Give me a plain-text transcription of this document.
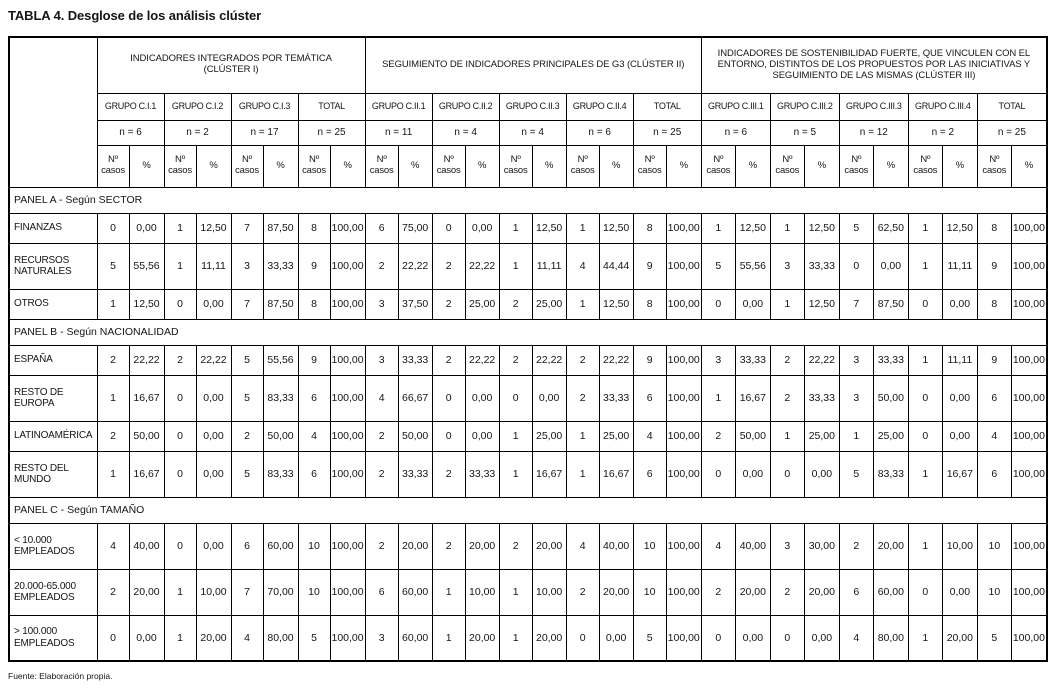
TABLA 4. Desglose de los análisis clúster
	INDICADORES INTEGRADOS POR TEMÁTICA (CLÚSTER I)								SEGUIMIENTO DE INDICADORES PRINCIPALES DE G3 (CLÚSTER II)										INDICADORES DE SOSTENIBILIDAD FUERTE, QUE VINCULEN CON EL ENTORNO, DISTINTOS DE LOS PROPUESTOS POR LAS INICIATIVAS Y SEGUIMIENTO DE LAS MISMAS (CLÚSTER III)									
	GRUPO C.I.1		GRUPO C.I.2		GRUPO C.I.3		TOTAL		GRUPO C.II.1		GRUPO C.II.2		GRUPO C.II.3		GRUPO C.II.4		TOTAL		GRUPO C.III.1		GRUPO C.III.2		GRUPO C.III.3		GRUPO C.III.4		TOTAL	
	n = 6		n = 2		n = 17		n = 25		n = 11		n = 4		n = 4		n = 6		n = 25		n = 6		n = 5		n = 12		n = 2		n = 25	
	Nº casos	%	Nº casos	%	Nº casos	%	Nº casos	%	Nº casos	%	Nº casos	%	Nº casos	%	Nº casos	%	Nº casos	%	Nº casos	%	Nº casos	%	Nº casos	%	Nº casos	%	Nº casos	%
PANEL A - Según SECTOR																												
FINANZAS	0	0,00	1	12,50	7	87,50	8	100,00	6	75,00	0	0,00	1	12,50	1	12,50	8	100,00	1	12,50	1	12,50	5	62,50	1	12,50	8	100,00
RECURSOS NATURALES	5	55,56	1	11,11	3	33,33	9	100,00	2	22,22	2	22,22	1	11,11	4	44,44	9	100,00	5	55,56	3	33,33	0	0,00	1	11,11	9	100,00
OTROS	1	12,50	0	0,00	7	87,50	8	100,00	3	37,50	2	25,00	2	25,00	1	12,50	8	100,00	0	0,00	1	12,50	7	87,50	0	0,00	8	100,00
PANEL B - Según NACIONALIDAD																												
ESPAÑA	2	22,22	2	22,22	5	55,56	9	100,00	3	33,33	2	22,22	2	22,22	2	22,22	9	100,00	3	33,33	2	22,22	3	33,33	1	11,11	9	100,00
RESTO DE EUROPA	1	16,67	0	0,00	5	83,33	6	100,00	4	66,67	0	0,00	0	0,00	2	33,33	6	100,00	1	16,67	2	33,33	3	50,00	0	0,00	6	100,00
LATINOAMÉRICA	2	50,00	0	0,00	2	50,00	4	100,00	2	50,00	0	0,00	1	25,00	1	25,00	4	100,00	2	50,00	1	25,00	1	25,00	0	0,00	4	100,00
RESTO DEL MUNDO	1	16,67	0	0,00	5	83,33	6	100,00	2	33,33	2	33,33	1	16,67	1	16,67	6	100,00	0	0,00	0	0,00	5	83,33	1	16,67	6	100,00
PANEL C - Según TAMAÑO																												
< 10.000 EMPLEADOS	4	40,00	0	0,00	6	60,00	10	100,00	2	20,00	2	20,00	2	20,00	4	40,00	10	100,00	4	40,00	3	30,00	2	20,00	1	10,00	10	100,00
20.000-65.000 EMPLEADOS	2	20,00	1	10,00	7	70,00	10	100,00	6	60,00	1	10,00	1	10,00	2	20,00	10	100,00	2	20,00	2	20,00	6	60,00	0	0,00	10	100,00
> 100.000 EMPLEADOS	0	0,00	1	20,00	4	80,00	5	100,00	3	60,00	1	20,00	1	20,00	0	0,00	5	100,00	0	0,00	0	0,00	4	80,00	1	20,00	5	100,00
Fuente: Elaboración propia.
